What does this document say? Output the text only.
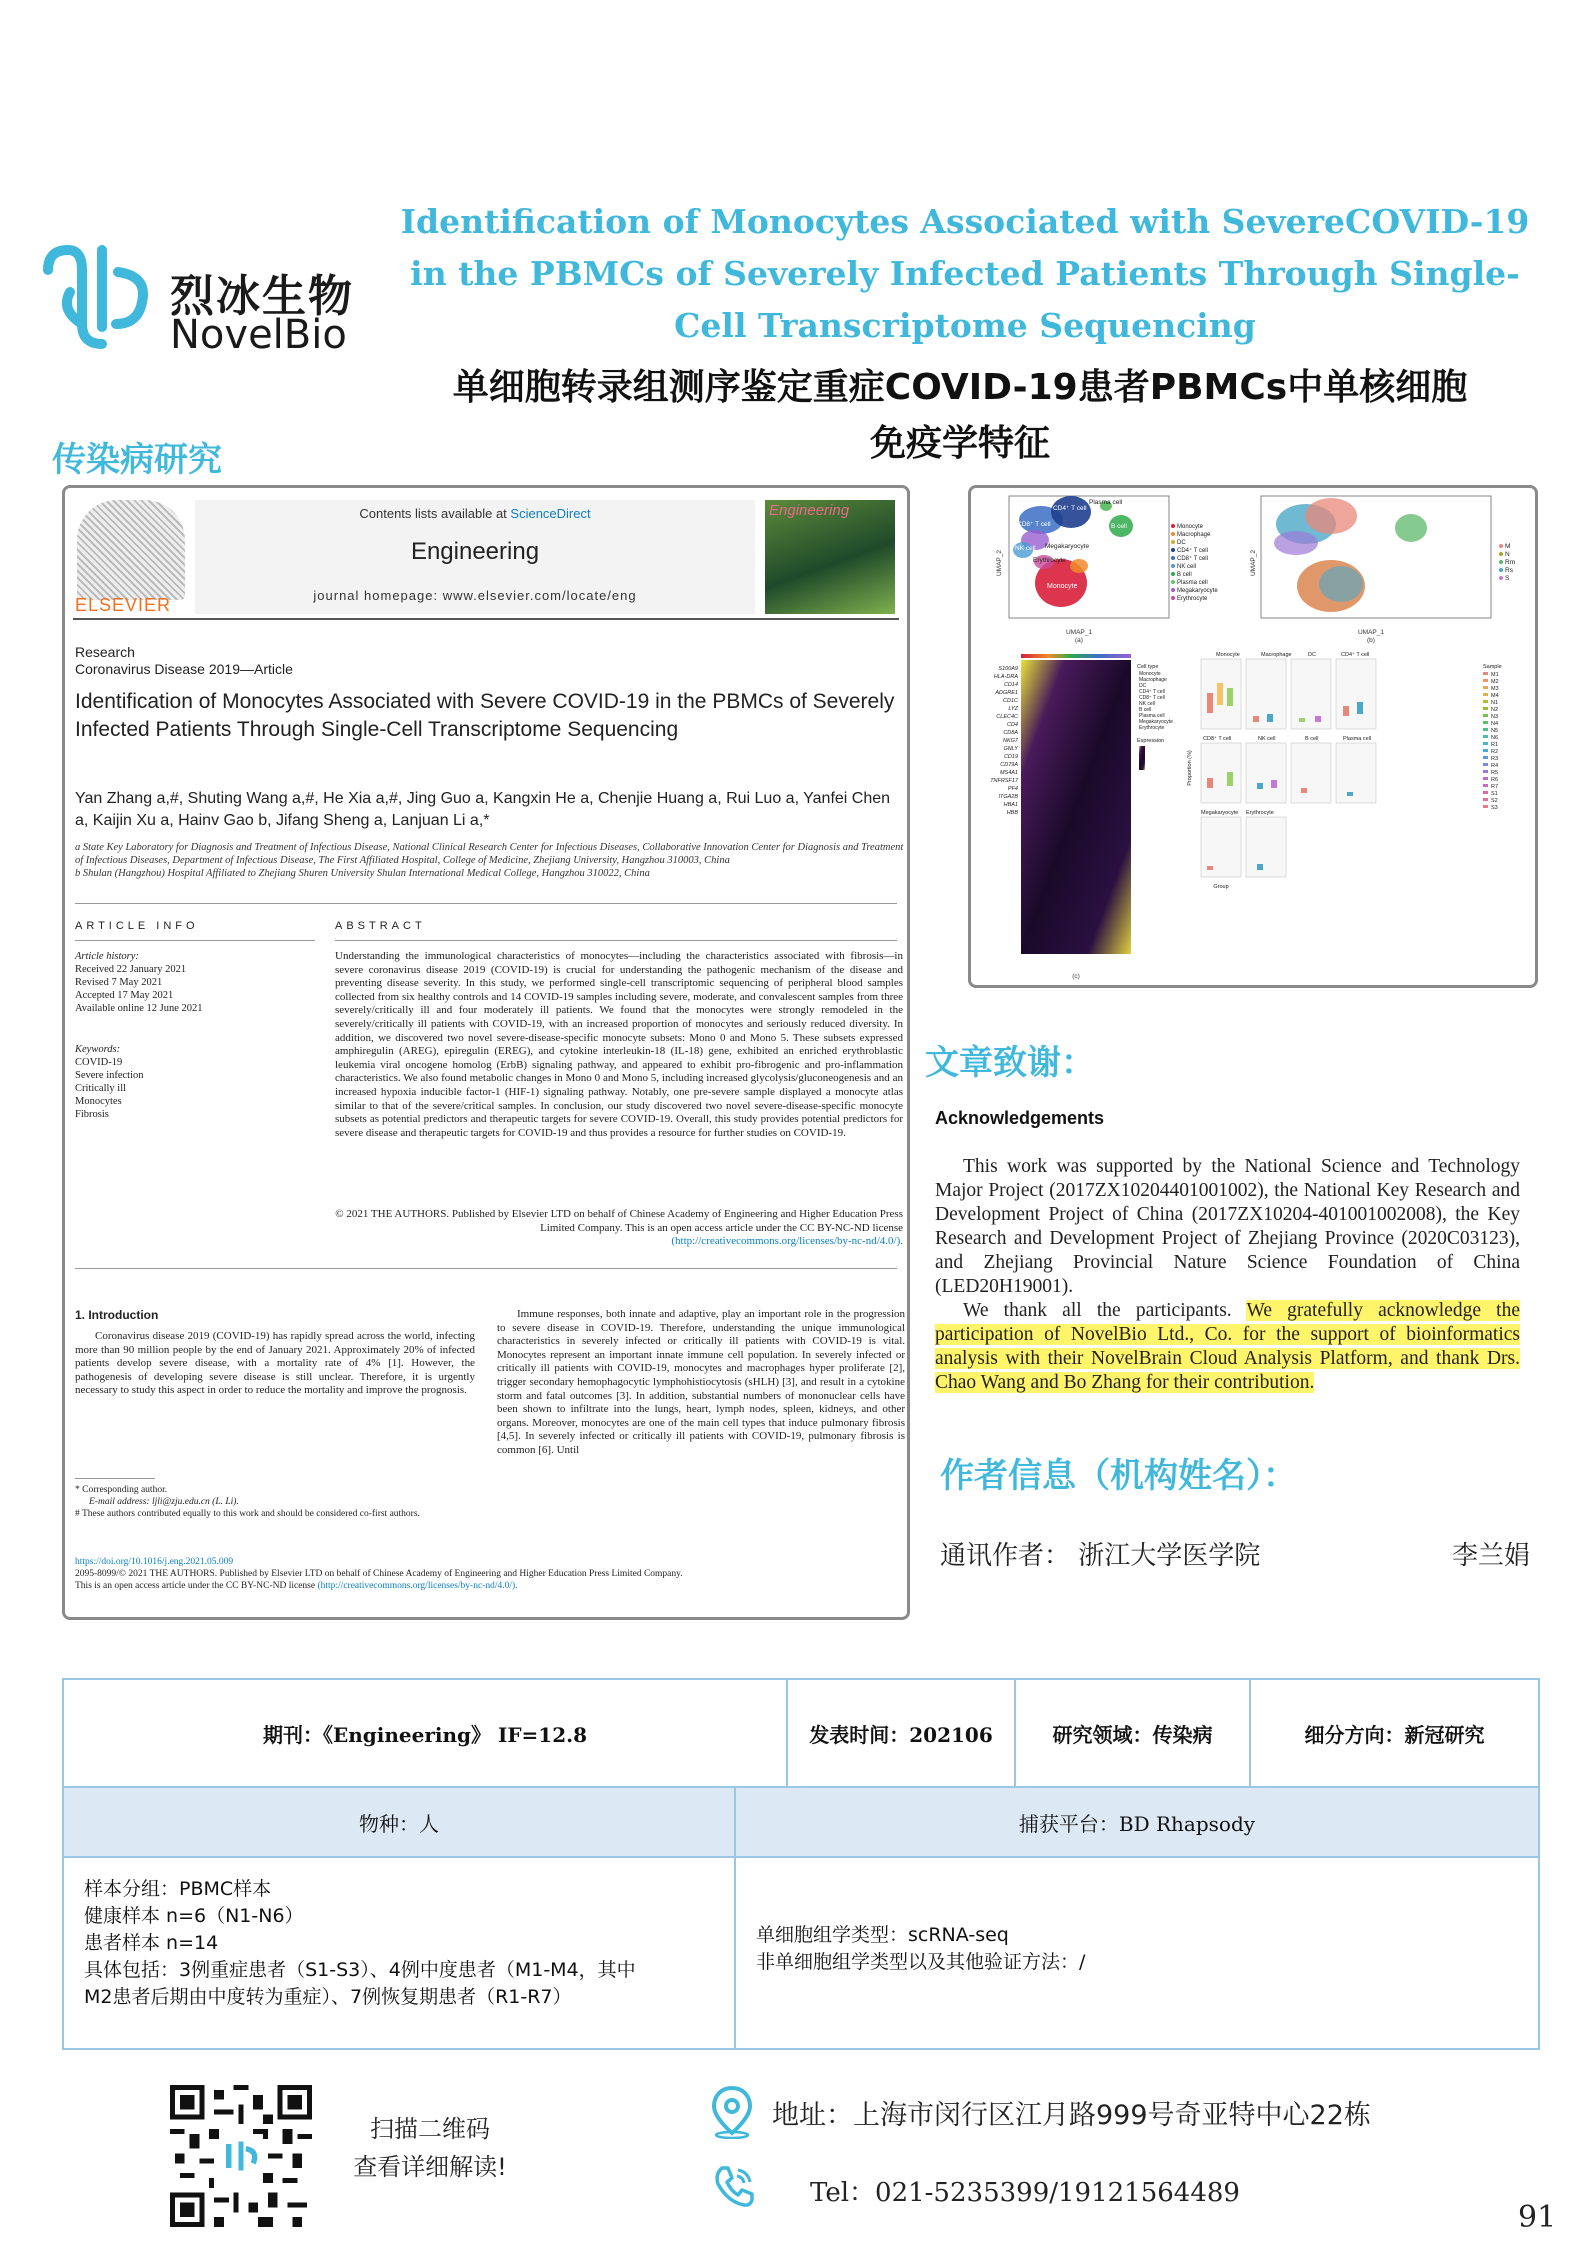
烈冰生物
NovelBio
Identification of Monocytes Associated with SevereCOVID-19 in the PBMCs of Severely Infected Patients Through Single-Cell Transcriptome Sequencing
单细胞转录组测序鉴定重症COVID-19患者PBMCs中单核细胞
免疫学特征
传染病研究
ELSEVIER
Contents lists available at ScienceDirect
Engineering
journal homepage: www.elsevier.com/locate/eng
Engineering
Research
Coronavirus Disease 2019—Article
Identification of Monocytes Associated with Severe COVID-19 in the PBMCs of Severely Infected Patients Through Single-Cell Transcriptome Sequencing
Yan Zhang a,#, Shuting Wang a,#, He Xia a,#, Jing Guo a, Kangxin He a, Chenjie Huang a, Rui Luo a, Yanfei Chen a, Kaijin Xu a, Hainv Gao b, Jifang Sheng a, Lanjuan Li a,*
a State Key Laboratory for Diagnosis and Treatment of Infectious Disease, National Clinical Research Center for Infectious Diseases, Collaborative Innovation Center for Diagnosis and Treatment of Infectious Diseases, Department of Infectious Disease, The First Affiliated Hospital, College of Medicine, Zhejiang University, Hangzhou 310003, China
b Shulan (Hangzhou) Hospital Affiliated to Zhejiang Shuren University Shulan International Medical College, Hangzhou 310022, China
ARTICLE INFO	ABSTRACT
Article history:
Received 22 January 2021
Revised 7 May 2021
Accepted 17 May 2021
Available online 12 June 2021
Keywords:
COVID-19
Severe infection
Critically ill
Monocytes
Fibrosis
Understanding the immunological characteristics of monocytes—including the characteristics associated with fibrosis—in severe coronavirus disease 2019 (COVID-19) is crucial for understanding the pathogenic mechanism of the disease and preventing disease severity. In this study, we performed single-cell transcriptomic sequencing of peripheral blood samples collected from six healthy controls and 14 COVID-19 samples including severe, moderate, and convalescent samples from three severely/critically ill and four moderately ill patients. We found that the monocytes were strongly remodeled in the severely/critically ill patients with COVID-19, with an increased proportion of monocytes and seriously reduced diversity. In addition, we discovered two novel severe-disease-specific monocyte subsets: Mono 0 and Mono 5. These subsets expressed amphiregulin (AREG), epiregulin (EREG), and cytokine interleukin-18 (IL-18) gene, exhibited an enriched erythroblastic leukemia viral oncogene homolog (ErbB) signaling pathway, and appeared to exhibit pro-fibrogenic and pro-inflammation characteristics. We also found metabolic changes in Mono 0 and Mono 5, including increased glycolysis/gluconeogenesis and an increased hypoxia inducible factor-1 (HIF-1) signaling pathway. Notably, one pre-severe sample displayed a monocyte atlas similar to that of the severe/critical samples. In conclusion, our study discovered two novel severe-disease-specific monocyte subsets as potential predictors and therapeutic targets for severe COVID-19. Overall, this study provides potential predictors for severe disease and therapeutic targets for COVID-19 and thus provides a resource for further studies on COVID-19.
© 2021 THE AUTHORS. Published by Elsevier LTD on behalf of Chinese Academy of Engineering and Higher Education Press Limited Company. This is an open access article under the CC BY-NC-ND license
(http://creativecommons.org/licenses/by-nc-nd/4.0/).
1. Introduction
Coronavirus disease 2019 (COVID-19) has rapidly spread across the world, infecting more than 90 million people by the end of January 2021. Approximately 20% of infected patients develop severe disease, with a mortality rate of 4% [1]. However, the pathogenesis of developing severe disease is still unclear. Therefore, it is urgently necessary to study this aspect in order to reduce the mortality and improve the prognosis.
Immune responses, both innate and adaptive, play an important role in the progression to severe disease in COVID-19. Therefore, understanding the unique immunological characteristics in severely infected or critically ill patients with COVID-19 is vital. Monocytes represent an important innate immune cell population. In severely infected or critically ill patients with COVID-19, monocytes and macrophages hyper proliferate [2], trigger secondary hemophagocytic lymphohistiocytosis (sHLH) [3], and result in a cytokine storm and fatal outcomes [3]. In addition, substantial numbers of mononuclear cells have been shown to infiltrate into the lungs, heart, lymph nodes, spleen, kidneys, and other organs. Moreover, monocytes are one of the main cell types that induce pulmonary fibrosis [4,5]. In severely infected or critically ill patients with COVID-19, pulmonary fibrosis is common [6]. Until
* Corresponding author.
E-mail address: ljli@zju.edu.cn (L. Li).
# These authors contributed equally to this work and should be considered co-first authors.
https://doi.org/10.1016/j.eng.2021.05.009
2095-8099/© 2021 THE AUTHORS. Published by Elsevier LTD on behalf of Chinese Academy of Engineering and Higher Education Press Limited Company.
This is an open access article under the CC BY-NC-ND license (http://creativecommons.org/licenses/by-nc-nd/4.0/).
Plasma cell
CD4⁺ T cell
CD8⁺ T cell	B cell
NK cell Megakaryocyte
Erythrocyte
Monocyte
UMAP_1
UMAP_2
(a)
Monocyte
Macrophage
DC
CD4⁺ T cell
CD8⁺ T cell
NK cell
B cell
Plasma cell
Megakaryocyte
Erythrocyte
UMAP_1
UMAP_2
(b)
M
N
Rm
Rs
S
S100A9
HLA-DRA
CD14
ADGRE1
CD1C
LYZ
CLEC4C
CD4
CD8A
NKG7
GNLY
CD19
CD79A
MS4A1
TNFRSF17
PF4
ITGA2B
HBA1
HBB
Cell type
Monocyte
Macrophage
DC
CD4⁺ T cell
CD8⁺ T cell
NK cell
B cell
Plasma cell
Megakaryocyte
Erythrocyte
Expression
(c)
Monocyte	Macrophage	DC	CD4⁺ T cell
CD8⁺ T cell	NK cell	B cell	Plasma cell
Megakaryocyte Erythrocyte
Group
Proportion (%)
Sample
M1
M2
M3
M4
N1
N2
N3
N4
N5
N6
R1
R2
R3
R4
R5
R6
R7
S1
S2
S3
文章致谢：
Acknowledgements

This work was supported by the National Science and Technology Major Project (2017ZX10204401001002), the National Key Research and Development Project of China (2017ZX10204-401001002008), the Key Research and Development Project of Zhejiang Province (2020C03123), and Zhejiang Provincial Nature Science Foundation of China (LED20H19001).

We thank all the participants. We gratefully acknowledge the participation of NovelBio Ltd., Co. for the support of bioinformatics analysis with their NovelBrain Cloud Analysis Platform, and thank Drs. Chao Wang and Bo Zhang for their contribution.

作者信息（机构姓名）：
通讯作者： 浙江大学医学院	李兰娟
期刊：《Engineering》 IF=12.8	发表时间：202106	研究领域：传染病	细分方向：新冠研究
物种：人	捕获平台：BD Rhapsody
样本分组：PBMC样本
健康样本 n=6（N1-N6）
患者样本 n=14
具体包括：3例重症患者（S1-S3）、4例中度患者（M1-M4，其中
M2患者后期由中度转为重症）、7例恢复期患者（R1-R7）
单细胞组学类型：scRNA-seq
非单细胞组学类型以及其他验证方法：/
扫描二维码
查看详细解读!
地址：上海市闵行区江月路999号奇亚特中心22栋
Tel：021-5235399/19121564489
91
